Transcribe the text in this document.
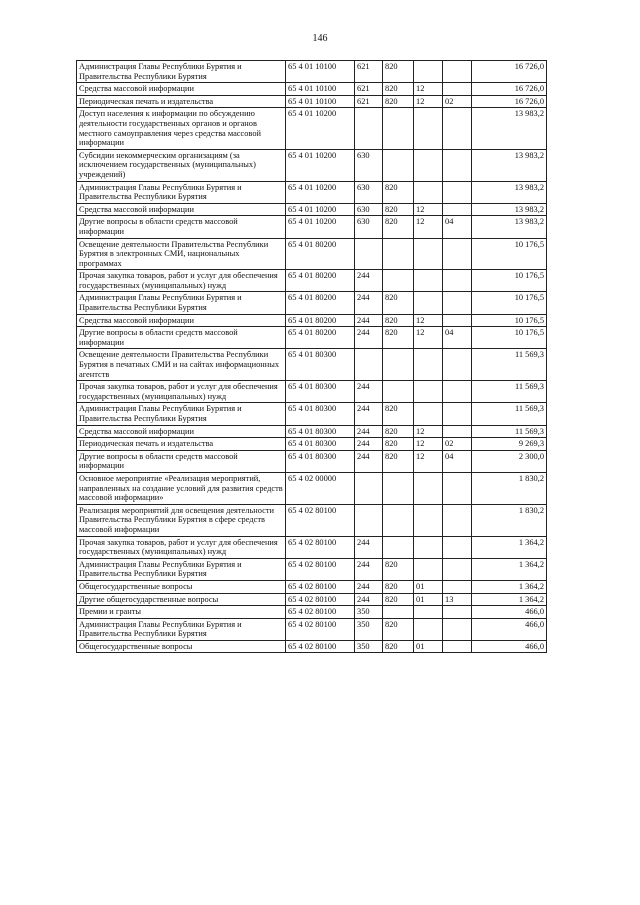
146
Администрация Главы Республики Бурятия и Правительства Республики Бурятия	65 4 01 10100	621	820			16 726,0
Средства массовой информации	65 4 01 10100	621	820	12		16 726,0
Периодическая печать и издательства	65 4 01 10100	621	820	12	02	16 726,0
Доступ населения к информации по обсуждению деятельности государственных органов и органов местного самоуправления через средства массовой информации	65 4 01 10200					13 983,2
Субсидии некоммерческим организациям (за исключением государственных (муниципальных) учреждений)	65 4 01 10200	630				13 983,2
Администрация Главы Республики Бурятия и Правительства Республики Бурятия	65 4 01 10200	630	820			13 983,2
Средства массовой информации	65 4 01 10200	630	820	12		13 983,2
Другие вопросы в области средств массовой информации	65 4 01 10200	630	820	12	04	13 983,2
Освещение деятельности Правительства Республики Бурятия в электронных СМИ, национальных программах	65 4 01 80200					10 176,5
Прочая закупка товаров, работ и услуг для обеспечения государственных (муниципальных) нужд	65 4 01 80200	244				10 176,5
Администрация Главы Республики Бурятия и Правительства Республики Бурятия	65 4 01 80200	244	820			10 176,5
Средства массовой информации	65 4 01 80200	244	820	12		10 176,5
Другие вопросы в области средств массовой информации	65 4 01 80200	244	820	12	04	10 176,5
Освещение деятельности Правительства Республики Бурятия в печатных СМИ и на сайтах информационных агентств	65 4 01 80300					11 569,3
Прочая закупка товаров, работ и услуг для обеспечения государственных (муниципальных) нужд	65 4 01 80300	244				11 569,3
Администрация Главы Республики Бурятия и Правительства Республики Бурятия	65 4 01 80300	244	820			11 569,3
Средства массовой информации	65 4 01 80300	244	820	12		11 569,3
Периодическая печать и издательства	65 4 01 80300	244	820	12	02	9 269,3
Другие вопросы в области средств массовой информации	65 4 01 80300	244	820	12	04	2 300,0
Основное мероприятие «Реализация мероприятий, направленных на создание условий для развития средств массовой информации»	65 4 02 00000					1 830,2
Реализация мероприятий для освещения деятельности Правительства Республики Бурятия в сфере средств массовой информации	65 4 02 80100					1 830,2
Прочая закупка товаров, работ и услуг для обеспечения государственных (муниципальных) нужд	65 4 02 80100	244				1 364,2
Администрация Главы Республики Бурятия и Правительства Республики Бурятия	65 4 02 80100	244	820			1 364,2
Общегосударственные вопросы	65 4 02 80100	244	820	01		1 364,2
Другие общегосударственные вопросы	65 4 02 80100	244	820	01	13	1 364,2
Премии и гранты	65 4 02 80100	350				466,0
Администрация Главы Республики Бурятия и Правительства Республики Бурятия	65 4 02 80100	350	820			466,0
Общегосударственные вопросы	65 4 02 80100	350	820	01		466,0
